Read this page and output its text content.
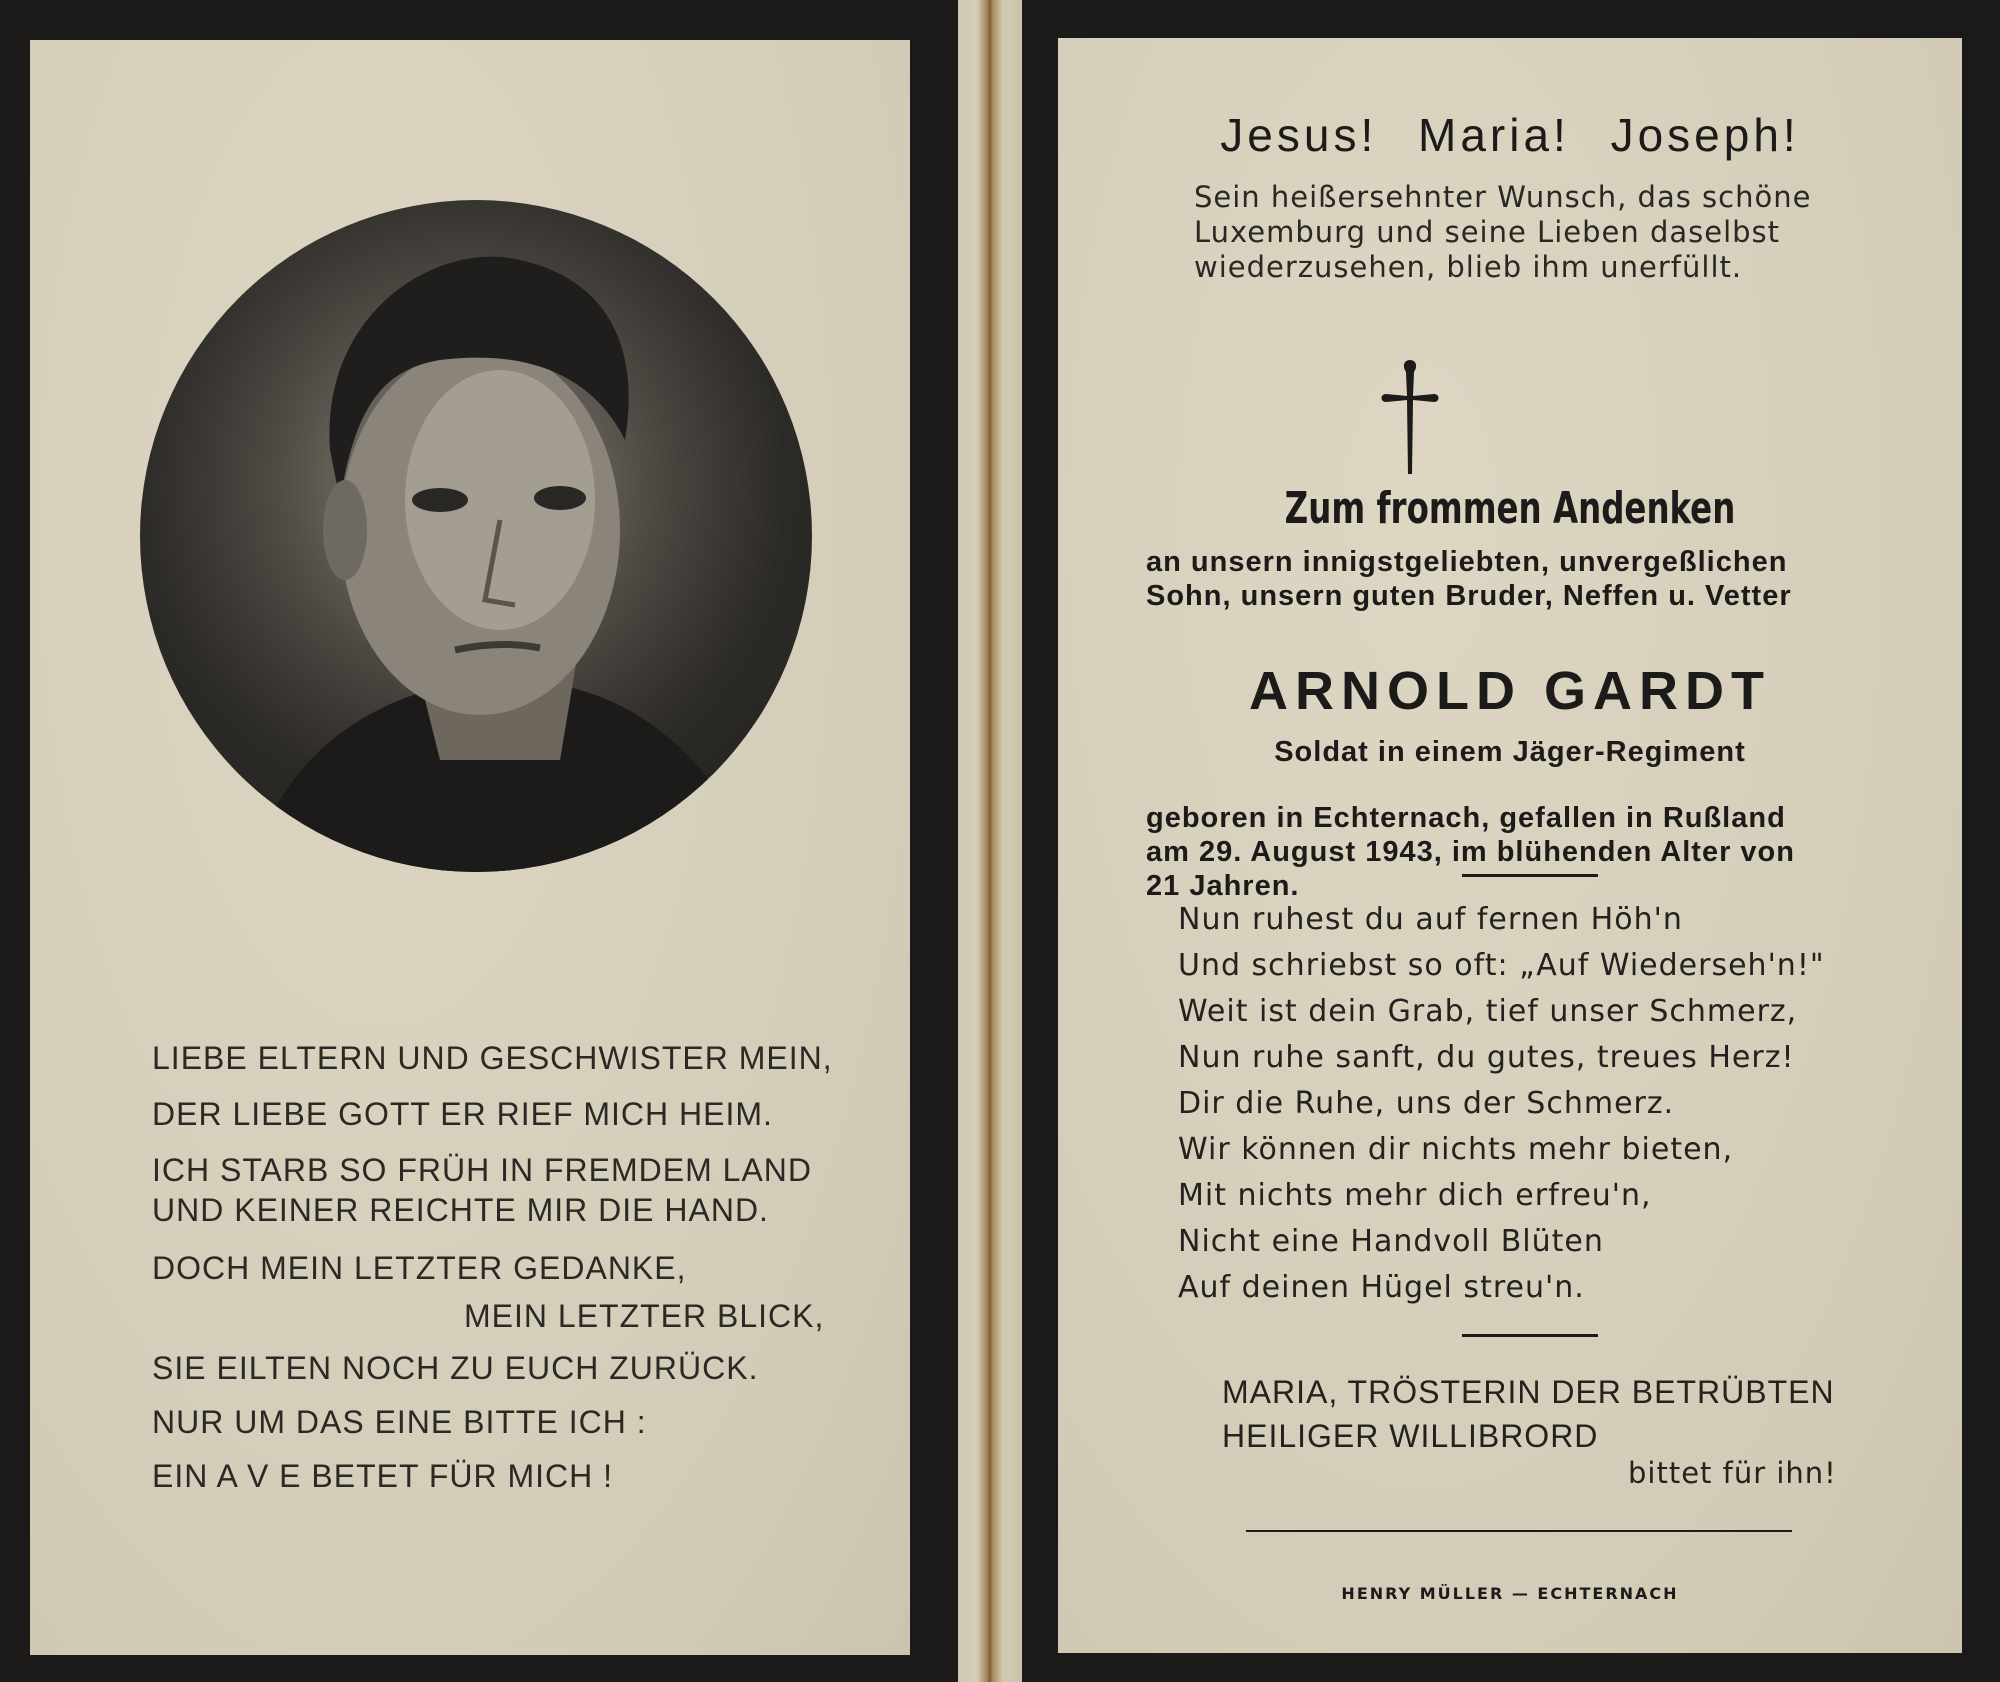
LIEBE ELTERN UND GESCHWISTER MEIN,
DER LIEBE GOTT ER RIEF MICH HEIM.
ICH STARB SO FRÜH IN FREMDEM LAND
UND KEINER REICHTE MIR DIE HAND.
DOCH MEIN LETZTER GEDANKE,
MEIN LETZTER BLICK,
SIE EILTEN NOCH ZU EUCH ZURÜCK.
NUR UM DAS EINE BITTE ICH :
EIN A V E BETET FÜR MICH !
Jesus! Maria! Joseph!
Sein heißersehnter Wunsch, das schöne
Luxemburg und seine Lieben daselbst
wiederzusehen, blieb ihm unerfüllt.
Zum frommen Andenken
an unsern innigstgeliebten, unvergeßlichen
Sohn, unsern guten Bruder, Neffen u. Vetter
ARNOLD GARDT
Soldat in einem Jäger-Regiment
geboren in Echternach, gefallen in Rußland
am 29. August 1943, im blühenden Alter von
21 Jahren.
Nun ruhest du auf fernen Höh'n
Und schriebst so oft: „Auf Wiederseh'n!"
Weit ist dein Grab, tief unser Schmerz,
Nun ruhe sanft, du gutes, treues Herz!
Dir die Ruhe, uns der Schmerz.
Wir können dir nichts mehr bieten,
Mit nichts mehr dich erfreu'n,
Nicht eine Handvoll Blüten
Auf deinen Hügel streu'n.
MARIA, TRÖSTERIN DER BETRÜBTEN
HEILIGER WILLIBRORD
bittet für ihn!
HENRY MÜLLER — ECHTERNACH
